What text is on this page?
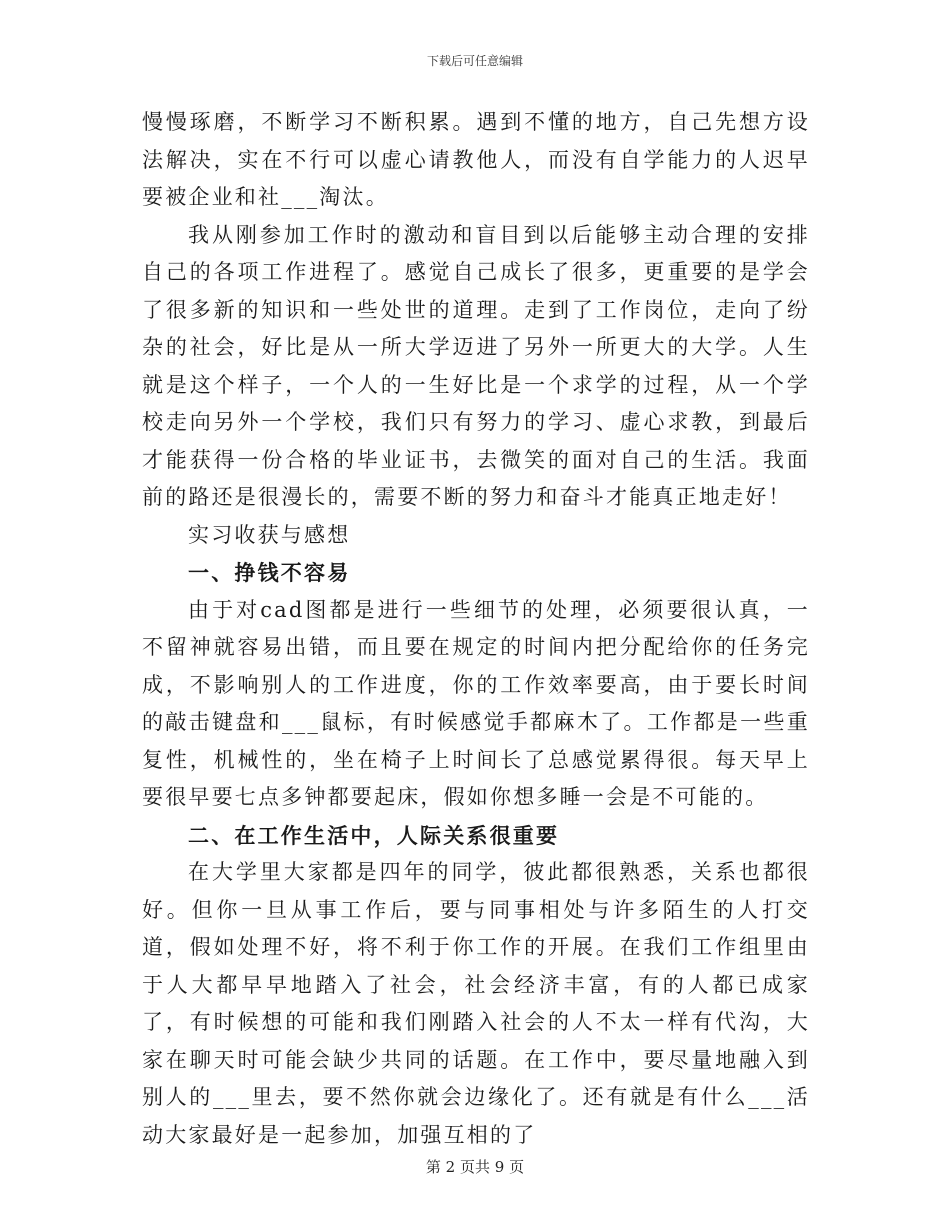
下载后可任意编辑

慢慢琢磨，不断学习不断积累。遇到不懂的地方，自己先想方设法解决，实在不行可以虚心请教他人，而没有自学能力的人迟早要被企业和社___淘汰。

我从刚参加工作时的激动和盲目到以后能够主动合理的安排自己的各项工作进程了。感觉自己成长了很多，更重要的是学会了很多新的知识和一些处世的道理。走到了工作岗位，走向了纷杂的社会，好比是从一所大学迈进了另外一所更大的大学。人生就是这个样子，一个人的一生好比是一个求学的过程，从一个学校走向另外一个学校，我们只有努力的学习、虚心求教，到最后才能获得一份合格的毕业证书，去微笑的面对自己的生活。我面前的路还是很漫长的，需要不断的努力和奋斗才能真正地走好！

实习收获与感想

一、挣钱不容易

由于对cad图都是进行一些细节的处理，必须要很认真，一不留神就容易出错，而且要在规定的时间内把分配给你的任务完成，不影响别人的工作进度，你的工作效率要高，由于要长时间的敲击键盘和___鼠标，有时候感觉手都麻木了。工作都是一些重复性，机械性的，坐在椅子上时间长了总感觉累得很。每天早上要很早要七点多钟都要起床，假如你想多睡一会是不可能的。

二、在工作生活中，人际关系很重要

在大学里大家都是四年的同学，彼此都很熟悉，关系也都很好。但你一旦从事工作后，要与同事相处与许多陌生的人打交道，假如处理不好，将不利于你工作的开展。在我们工作组里由于人大都早早地踏入了社会，社会经济丰富，有的人都已成家了，有时候想的可能和我们刚踏入社会的人不太一样有代沟，大家在聊天时可能会缺少共同的话题。在工作中，要尽量地融入到别人的___里去，要不然你就会边缘化了。还有就是有什么___活动大家最好是一起参加，加强互相的了

第 2 页共 9 页
